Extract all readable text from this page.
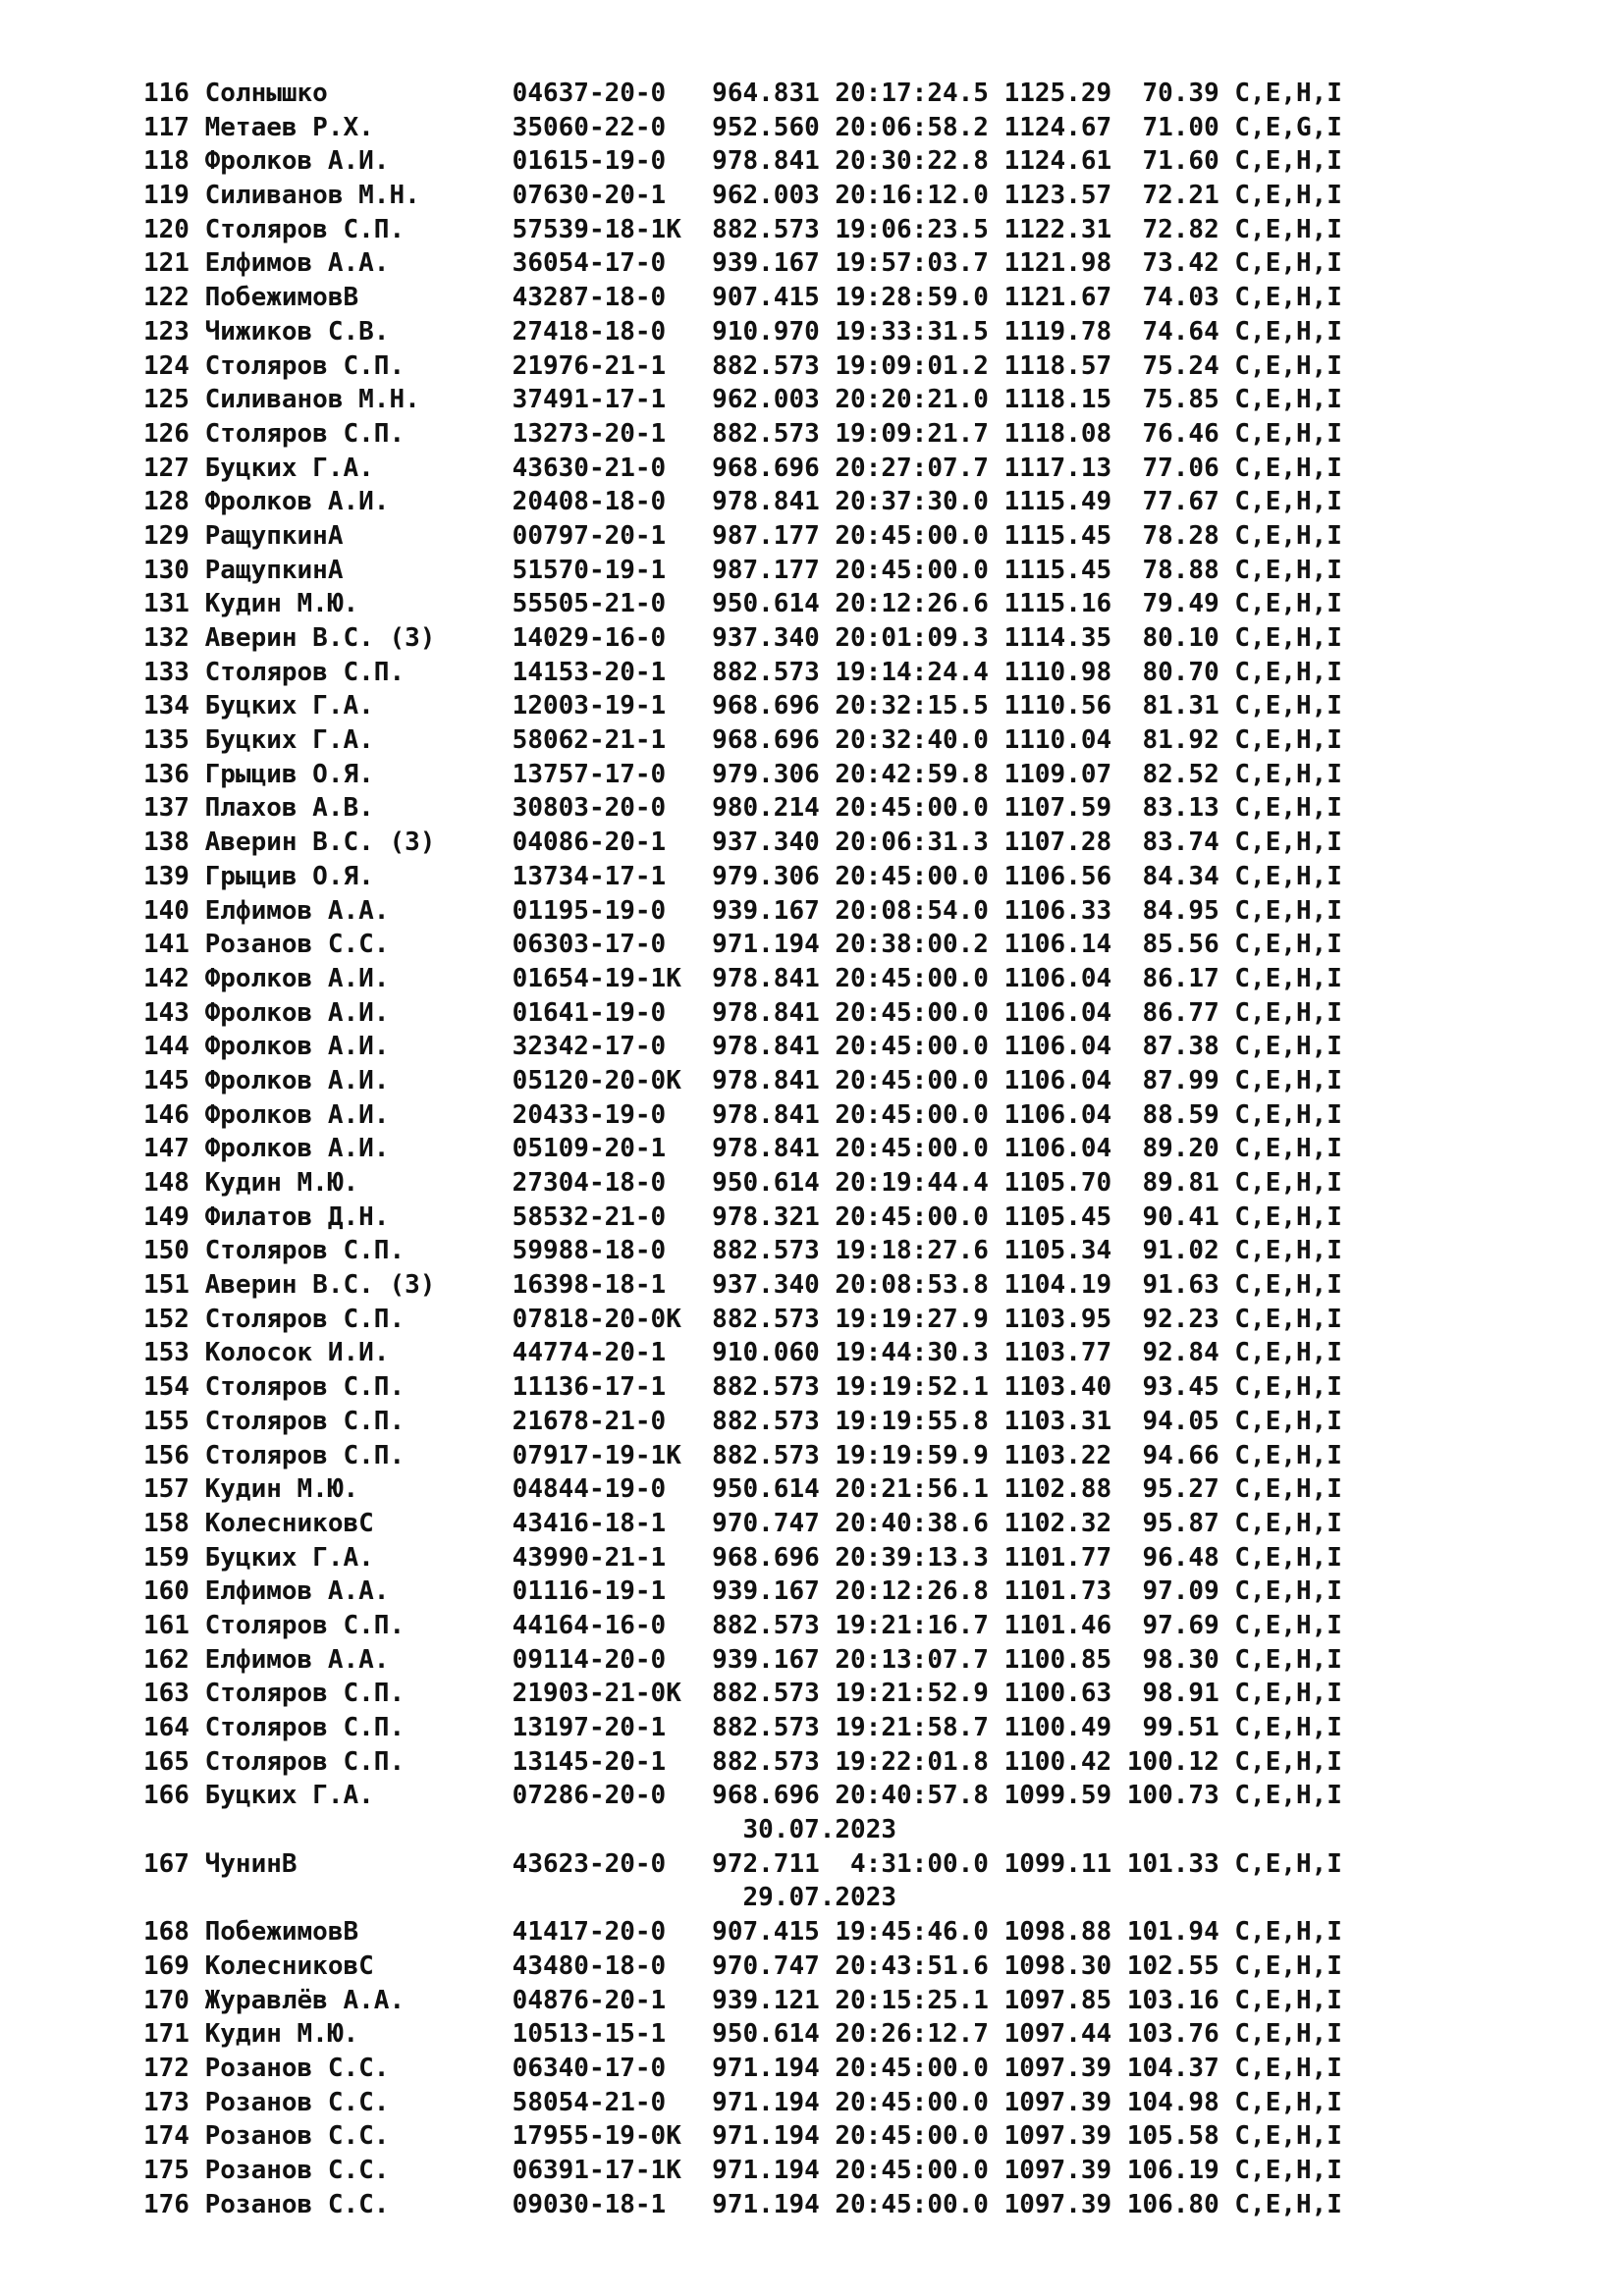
116 Солнышко            04637-20-0   964.831 20:17:24.5 1125.29  70.39 C,E,H,I
117 Метаев Р.Х.         35060-22-0   952.560 20:06:58.2 1124.67  71.00 C,E,G,I
118 Фролков А.И.        01615-19-0   978.841 20:30:22.8 1124.61  71.60 C,E,H,I
119 Силиванов М.Н.      07630-20-1   962.003 20:16:12.0 1123.57  72.21 C,E,H,I
120 Столяров С.П.       57539-18-1K  882.573 19:06:23.5 1122.31  72.82 C,E,H,I
121 Елфимов А.А.        36054-17-0   939.167 19:57:03.7 1121.98  73.42 C,E,H,I
122 ПобежимовВ          43287-18-0   907.415 19:28:59.0 1121.67  74.03 C,E,H,I
123 Чижиков С.В.        27418-18-0   910.970 19:33:31.5 1119.78  74.64 C,E,H,I
124 Столяров С.П.       21976-21-1   882.573 19:09:01.2 1118.57  75.24 C,E,H,I
125 Силиванов М.Н.      37491-17-1   962.003 20:20:21.0 1118.15  75.85 C,E,H,I
126 Столяров С.П.       13273-20-1   882.573 19:09:21.7 1118.08  76.46 C,E,H,I
127 Буцких Г.А.         43630-21-0   968.696 20:27:07.7 1117.13  77.06 C,E,H,I
128 Фролков А.И.        20408-18-0   978.841 20:37:30.0 1115.49  77.67 C,E,H,I
129 РащупкинА           00797-20-1   987.177 20:45:00.0 1115.45  78.28 C,E,H,I
130 РащупкинА           51570-19-1   987.177 20:45:00.0 1115.45  78.88 C,E,H,I
131 Кудин М.Ю.          55505-21-0   950.614 20:12:26.6 1115.16  79.49 C,E,H,I
132 Аверин В.С. (З)     14029-16-0   937.340 20:01:09.3 1114.35  80.10 C,E,H,I
133 Столяров С.П.       14153-20-1   882.573 19:14:24.4 1110.98  80.70 C,E,H,I
134 Буцких Г.А.         12003-19-1   968.696 20:32:15.5 1110.56  81.31 C,E,H,I
135 Буцких Г.А.         58062-21-1   968.696 20:32:40.0 1110.04  81.92 C,E,H,I
136 Грыцив О.Я.         13757-17-0   979.306 20:42:59.8 1109.07  82.52 C,E,H,I
137 Плахов А.В.         30803-20-0   980.214 20:45:00.0 1107.59  83.13 C,E,H,I
138 Аверин В.С. (З)     04086-20-1   937.340 20:06:31.3 1107.28  83.74 C,E,H,I
139 Грыцив О.Я.         13734-17-1   979.306 20:45:00.0 1106.56  84.34 C,E,H,I
140 Елфимов А.А.        01195-19-0   939.167 20:08:54.0 1106.33  84.95 C,E,H,I
141 Розанов С.С.        06303-17-0   971.194 20:38:00.2 1106.14  85.56 C,E,H,I
142 Фролков А.И.        01654-19-1K  978.841 20:45:00.0 1106.04  86.17 C,E,H,I
143 Фролков А.И.        01641-19-0   978.841 20:45:00.0 1106.04  86.77 C,E,H,I
144 Фролков А.И.        32342-17-0   978.841 20:45:00.0 1106.04  87.38 C,E,H,I
145 Фролков А.И.        05120-20-0K  978.841 20:45:00.0 1106.04  87.99 C,E,H,I
146 Фролков А.И.        20433-19-0   978.841 20:45:00.0 1106.04  88.59 C,E,H,I
147 Фролков А.И.        05109-20-1   978.841 20:45:00.0 1106.04  89.20 C,E,H,I
148 Кудин М.Ю.          27304-18-0   950.614 20:19:44.4 1105.70  89.81 C,E,H,I
149 Филатов Д.Н.        58532-21-0   978.321 20:45:00.0 1105.45  90.41 C,E,H,I
150 Столяров С.П.       59988-18-0   882.573 19:18:27.6 1105.34  91.02 C,E,H,I
151 Аверин В.С. (З)     16398-18-1   937.340 20:08:53.8 1104.19  91.63 C,E,H,I
152 Столяров С.П.       07818-20-0K  882.573 19:19:27.9 1103.95  92.23 C,E,H,I
153 Колосок И.И.        44774-20-1   910.060 19:44:30.3 1103.77  92.84 C,E,H,I
154 Столяров С.П.       11136-17-1   882.573 19:19:52.1 1103.40  93.45 C,E,H,I
155 Столяров С.П.       21678-21-0   882.573 19:19:55.8 1103.31  94.05 C,E,H,I
156 Столяров С.П.       07917-19-1K  882.573 19:19:59.9 1103.22  94.66 C,E,H,I
157 Кудин М.Ю.          04844-19-0   950.614 20:21:56.1 1102.88  95.27 C,E,H,I
158 КолесниковС         43416-18-1   970.747 20:40:38.6 1102.32  95.87 C,E,H,I
159 Буцких Г.А.         43990-21-1   968.696 20:39:13.3 1101.77  96.48 C,E,H,I
160 Елфимов А.А.        01116-19-1   939.167 20:12:26.8 1101.73  97.09 C,E,H,I
161 Столяров С.П.       44164-16-0   882.573 19:21:16.7 1101.46  97.69 C,E,H,I
162 Елфимов А.А.        09114-20-0   939.167 20:13:07.7 1100.85  98.30 C,E,H,I
163 Столяров С.П.       21903-21-0K  882.573 19:21:52.9 1100.63  98.91 C,E,H,I
164 Столяров С.П.       13197-20-1   882.573 19:21:58.7 1100.49  99.51 C,E,H,I
165 Столяров С.П.       13145-20-1   882.573 19:22:01.8 1100.42 100.12 C,E,H,I
166 Буцких Г.А.         07286-20-0   968.696 20:40:57.8 1099.59 100.73 C,E,H,I
30.07.2023
167 ЧунинВ              43623-20-0   972.711  4:31:00.0 1099.11 101.33 C,E,H,I
29.07.2023
168 ПобежимовВ          41417-20-0   907.415 19:45:46.0 1098.88 101.94 C,E,H,I
169 КолесниковС         43480-18-0   970.747 20:43:51.6 1098.30 102.55 C,E,H,I
170 Журавлёв А.А.       04876-20-1   939.121 20:15:25.1 1097.85 103.16 C,E,H,I
171 Кудин М.Ю.          10513-15-1   950.614 20:26:12.7 1097.44 103.76 C,E,H,I
172 Розанов С.С.        06340-17-0   971.194 20:45:00.0 1097.39 104.37 C,E,H,I
173 Розанов С.С.        58054-21-0   971.194 20:45:00.0 1097.39 104.98 C,E,H,I
174 Розанов С.С.        17955-19-0K  971.194 20:45:00.0 1097.39 105.58 C,E,H,I
175 Розанов С.С.        06391-17-1K  971.194 20:45:00.0 1097.39 106.19 C,E,H,I
176 Розанов С.С.        09030-18-1   971.194 20:45:00.0 1097.39 106.80 C,E,H,I
